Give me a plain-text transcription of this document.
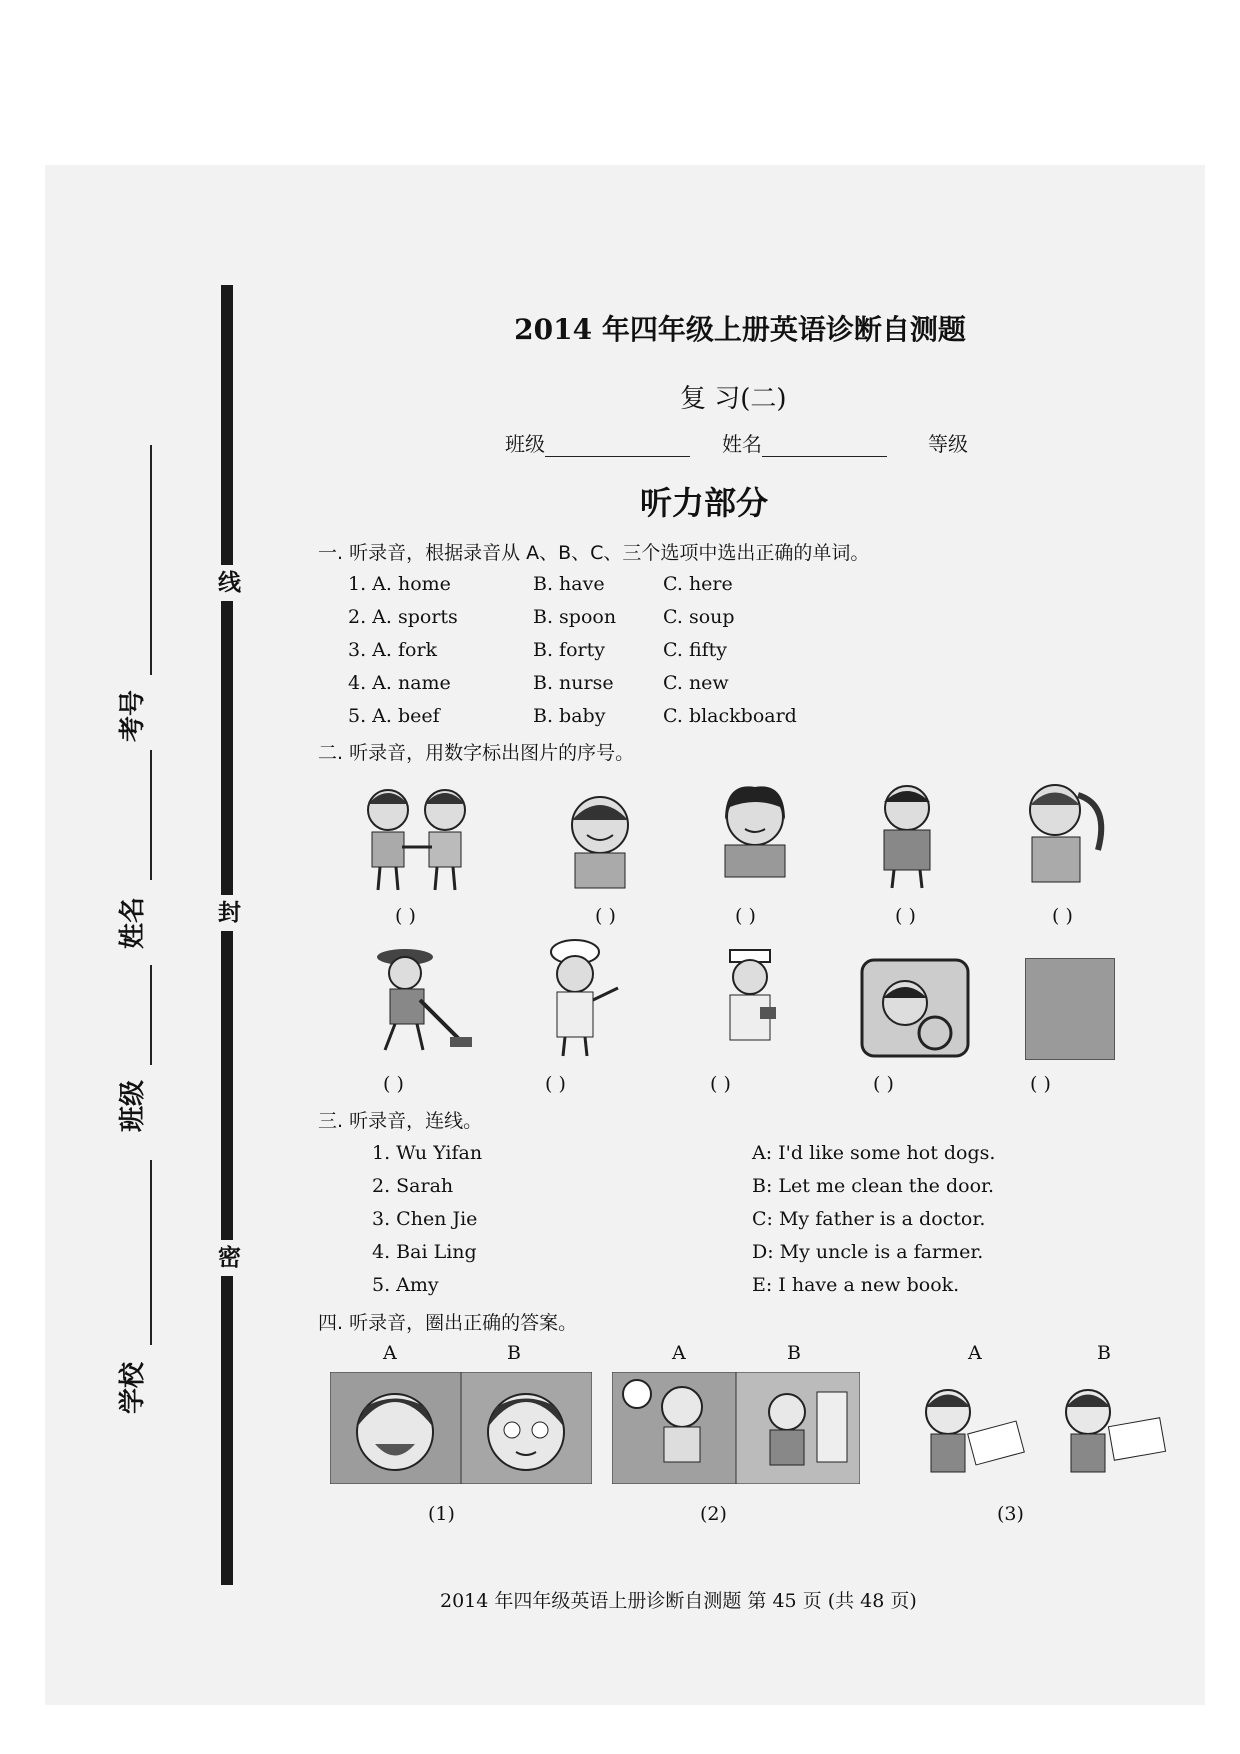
线
封
密
考号
姓名
班级
学校
2014 年四年级上册英语诊断自测题
复 习(二)
班级	姓名	等级
听力部分
一. 听录音，根据录音从 A、B、C、三个选项中选出正确的单词。
1. A. home	B. have	C. here
2. A. sports	B. spoon C. soup
3. A. fork	B. forty	C. fifty
4. A. name	B. nurse	C. new
5. A. beef	B. baby	C. blackboard
二. 听录音，用数字标出图片的序号。
( )	( )	( )	( )	( )
( )	( )	( )	( )	( )
三. 听录音，连线。
1. Wu Yifan
2. Sarah
3. Chen Jie
4. Bai Ling
5. Amy
A: I'd like some hot dogs.
B: Let me clean the door.
C: My father is a doctor.
D: My uncle is a farmer.
E: I have a new book.
四. 听录音，圈出正确的答案。
A	B	A	B	A	B
(1)	(2)	(3)
2014 年四年级英语上册诊断自测题 第 45 页 (共 48 页)
